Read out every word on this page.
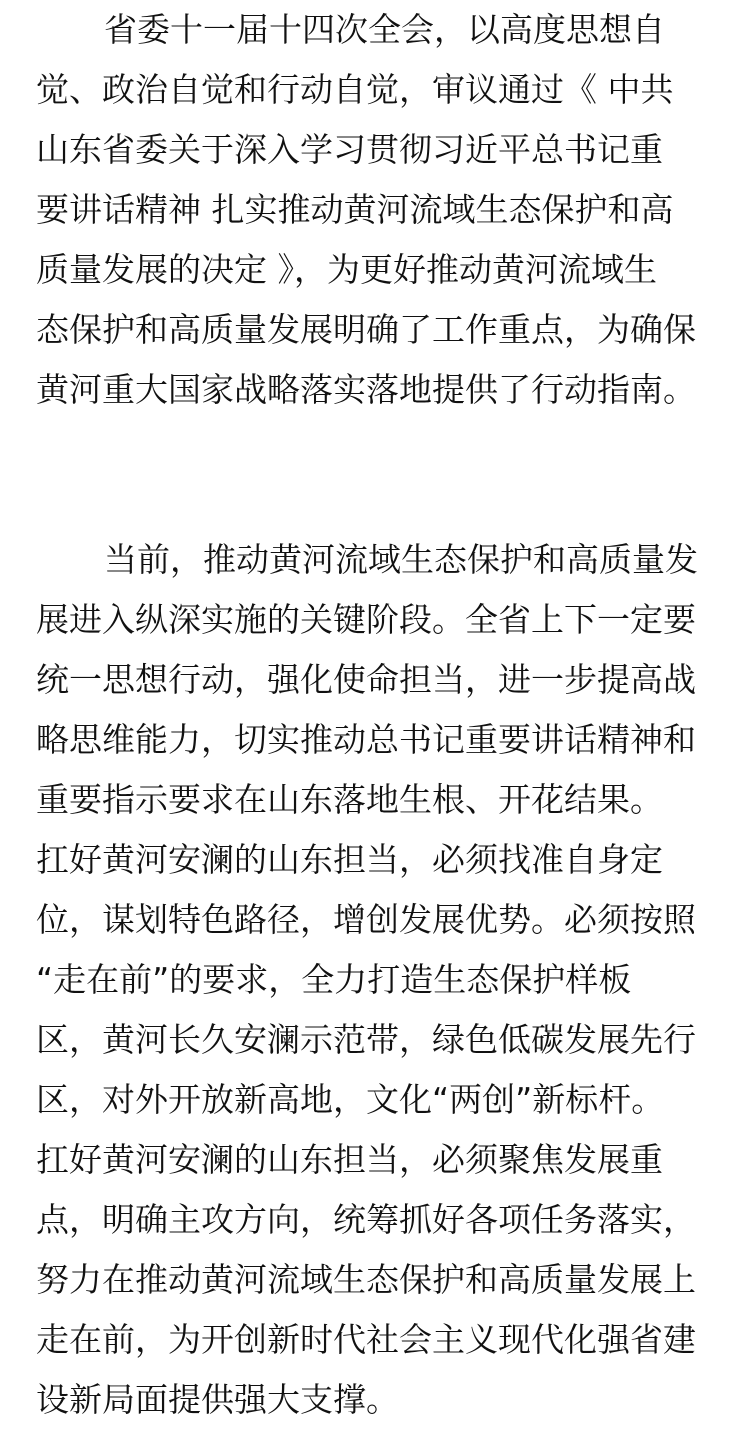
省委十一届十四次全会，以高度思想自
觉、政治自觉和行动自觉，审议通过《 中共
山东省委关于深入学习贯彻习近平总书记重
要讲话精神 扎实推动黄河流域生态保护和高
质量发展的决定 》，为更好推动黄河流域生
态保护和高质量发展明确了工作重点，为确保
黄河重大国家战略落实落地提供了行动指南。
当前，推动黄河流域生态保护和高质量发
展进入纵深实施的关键阶段。全省上下一定要
统一思想行动，强化使命担当，进一步提高战
略思维能力，切实推动总书记重要讲话精神和
重要指示要求在山东落地生根、开花结果。
扛好黄河安澜的山东担当，必须找准自身定
位，谋划特色路径，增创发展优势。必须按照
“走在前”的要求，全力打造生态保护样板
区，黄河长久安澜示范带，绿色低碳发展先行
区，对外开放新高地，文化“两创”新标杆。
扛好黄河安澜的山东担当，必须聚焦发展重
点，明确主攻方向，统筹抓好各项任务落实，
努力在推动黄河流域生态保护和高质量发展上
走在前，为开创新时代社会主义现代化强省建
设新局面提供强大支撑。
